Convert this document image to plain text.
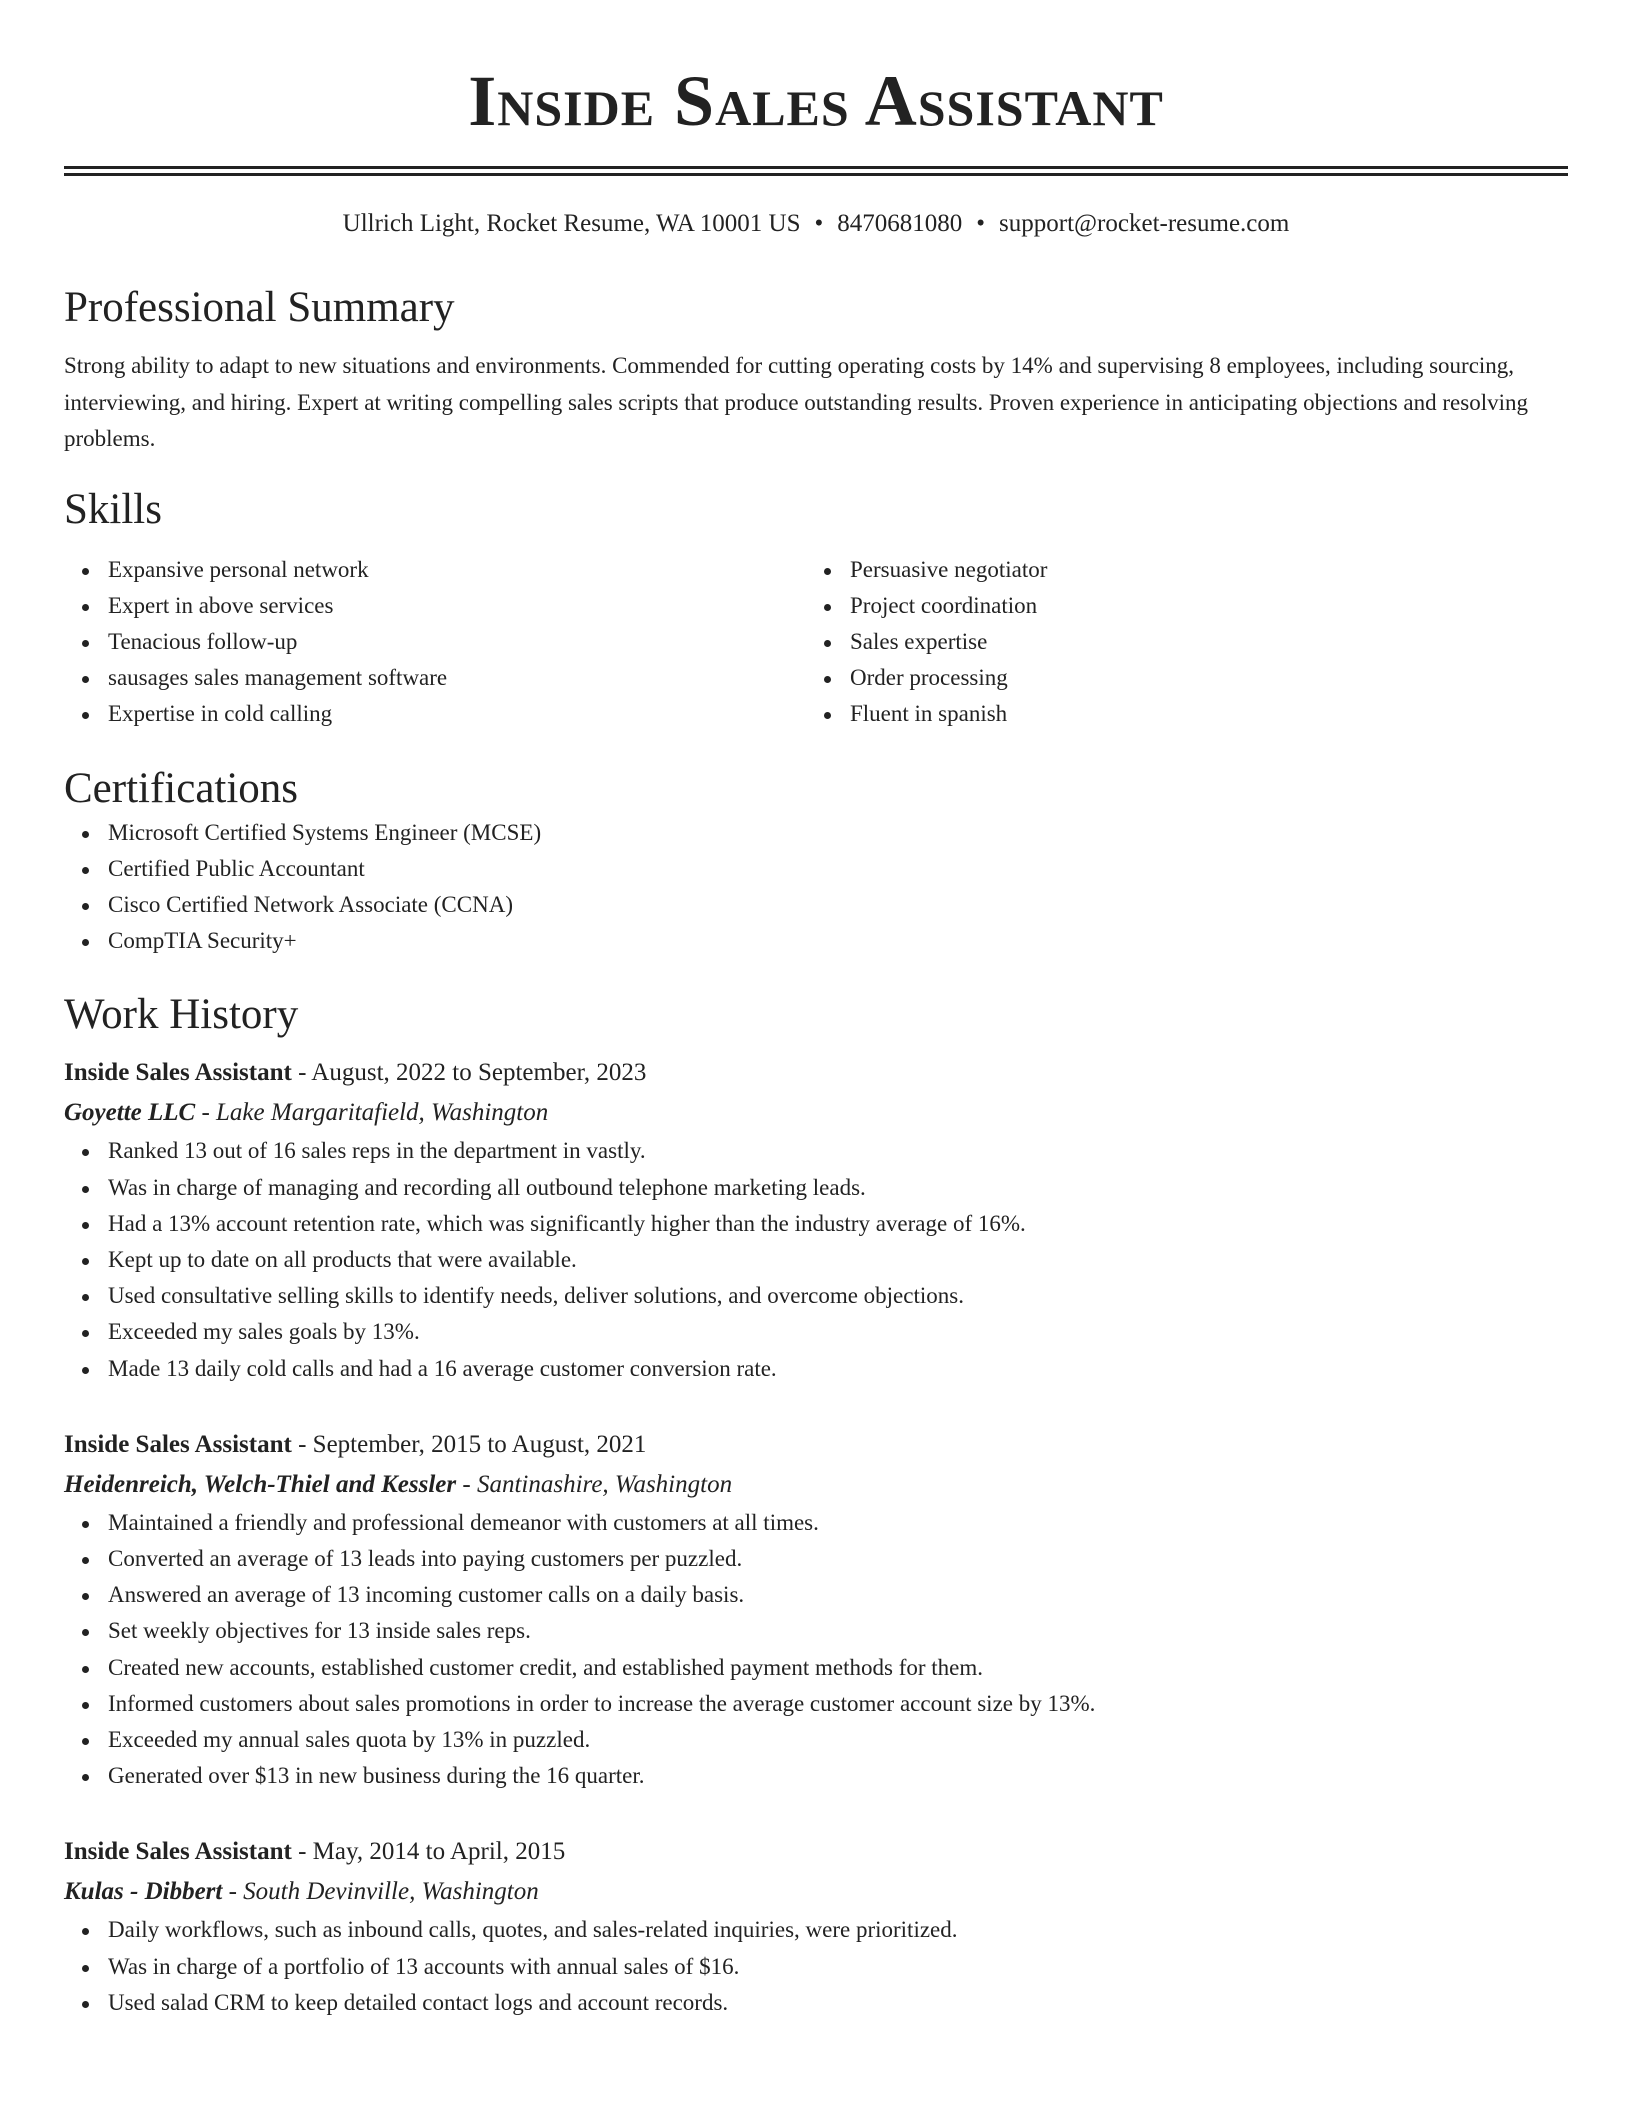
Inside Sales Assistant
Ullrich Light, Rocket Resume, WA 10001 US • 8470681080 • support@rocket-resume.com
Professional Summary
Strong ability to adapt to new situations and environments. Commended for cutting operating costs by 14% and supervising 8 employees, including sourcing, interviewing, and hiring. Expert at writing compelling sales scripts that produce outstanding results. Proven experience in anticipating objections and resolving problems.
Skills
Expansive personal network
Expert in above services
Tenacious follow-up
sausages sales management software
Expertise in cold calling
Persuasive negotiator
Project coordination
Sales expertise
Order processing
Fluent in spanish
Certifications
Microsoft Certified Systems Engineer (MCSE)
Certified Public Accountant
Cisco Certified Network Associate (CCNA)
CompTIA Security+
Work History
Inside Sales Assistant - August, 2022 to September, 2023
Goyette LLC - Lake Margaritafield, Washington
Ranked 13 out of 16 sales reps in the department in vastly.
Was in charge of managing and recording all outbound telephone marketing leads.
Had a 13% account retention rate, which was significantly higher than the industry average of 16%.
Kept up to date on all products that were available.
Used consultative selling skills to identify needs, deliver solutions, and overcome objections.
Exceeded my sales goals by 13%.
Made 13 daily cold calls and had a 16 average customer conversion rate.
Inside Sales Assistant - September, 2015 to August, 2021
Heidenreich, Welch-Thiel and Kessler - Santinashire, Washington
Maintained a friendly and professional demeanor with customers at all times.
Converted an average of 13 leads into paying customers per puzzled.
Answered an average of 13 incoming customer calls on a daily basis.
Set weekly objectives for 13 inside sales reps.
Created new accounts, established customer credit, and established payment methods for them.
Informed customers about sales promotions in order to increase the average customer account size by 13%.
Exceeded my annual sales quota by 13% in puzzled.
Generated over $13 in new business during the 16 quarter.
Inside Sales Assistant - May, 2014 to April, 2015
Kulas - Dibbert - South Devinville, Washington
Daily workflows, such as inbound calls, quotes, and sales-related inquiries, were prioritized.
Was in charge of a portfolio of 13 accounts with annual sales of $16.
Used salad CRM to keep detailed contact logs and account records.
